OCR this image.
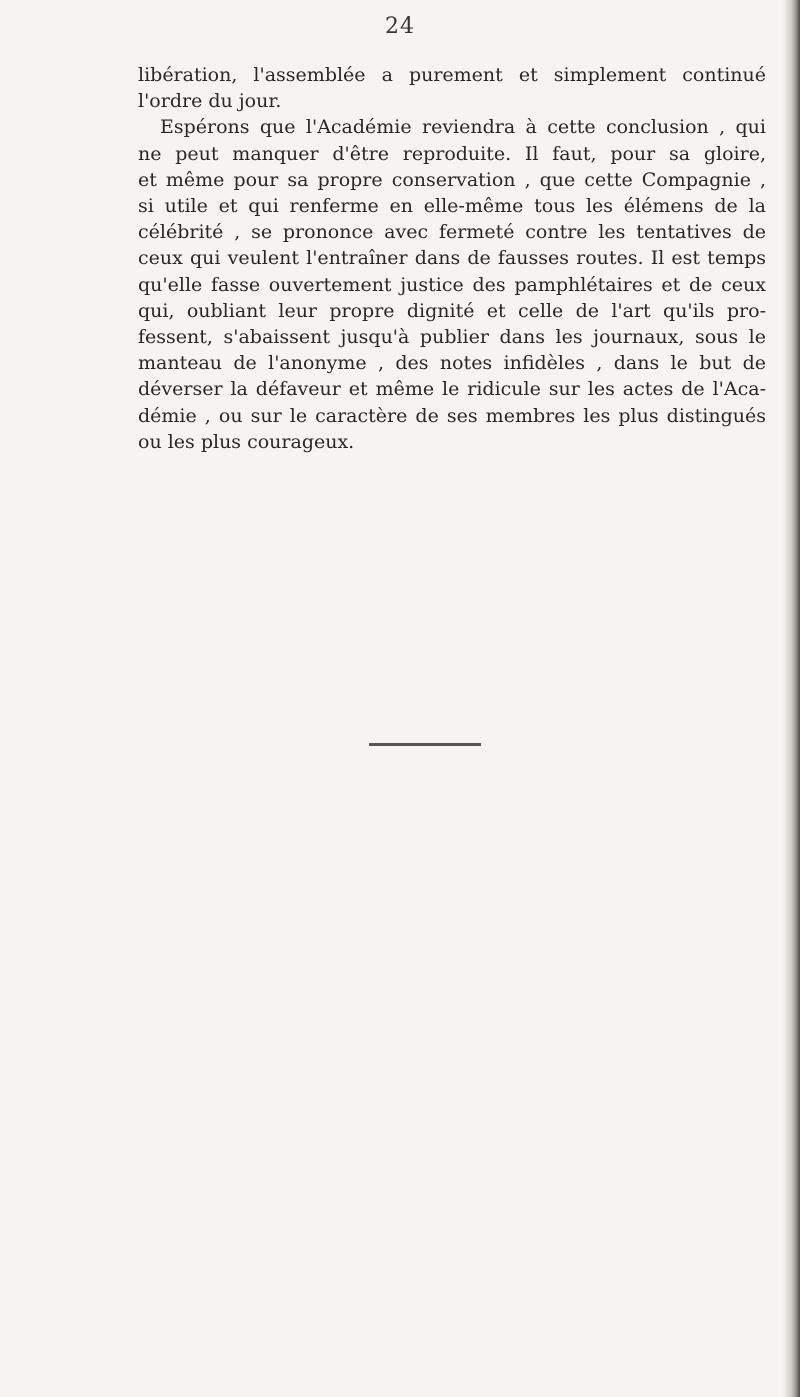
24
libération, l'assemblée a purement et simplement continué
l'ordre du jour.
Espérons que l'Académie reviendra à cette conclusion , qui
ne peut manquer d'être reproduite. Il faut, pour sa gloire,
et même pour sa propre conservation , que cette Compagnie ,
si utile et qui renferme en elle-même tous les élémens de la
célébrité , se prononce avec fermeté contre les tentatives de
ceux qui veulent l'entraîner dans de fausses routes. Il est temps
qu'elle fasse ouvertement justice des pamphlétaires et de ceux
qui, oubliant leur propre dignité et celle de l'art qu'ils pro-
fessent, s'abaissent jusqu'à publier dans les journaux, sous le
manteau de l'anonyme , des notes infidèles , dans le but de
déverser la défaveur et même le ridicule sur les actes de l'Aca-
démie , ou sur le caractère de ses membres les plus distingués
ou les plus courageux.
